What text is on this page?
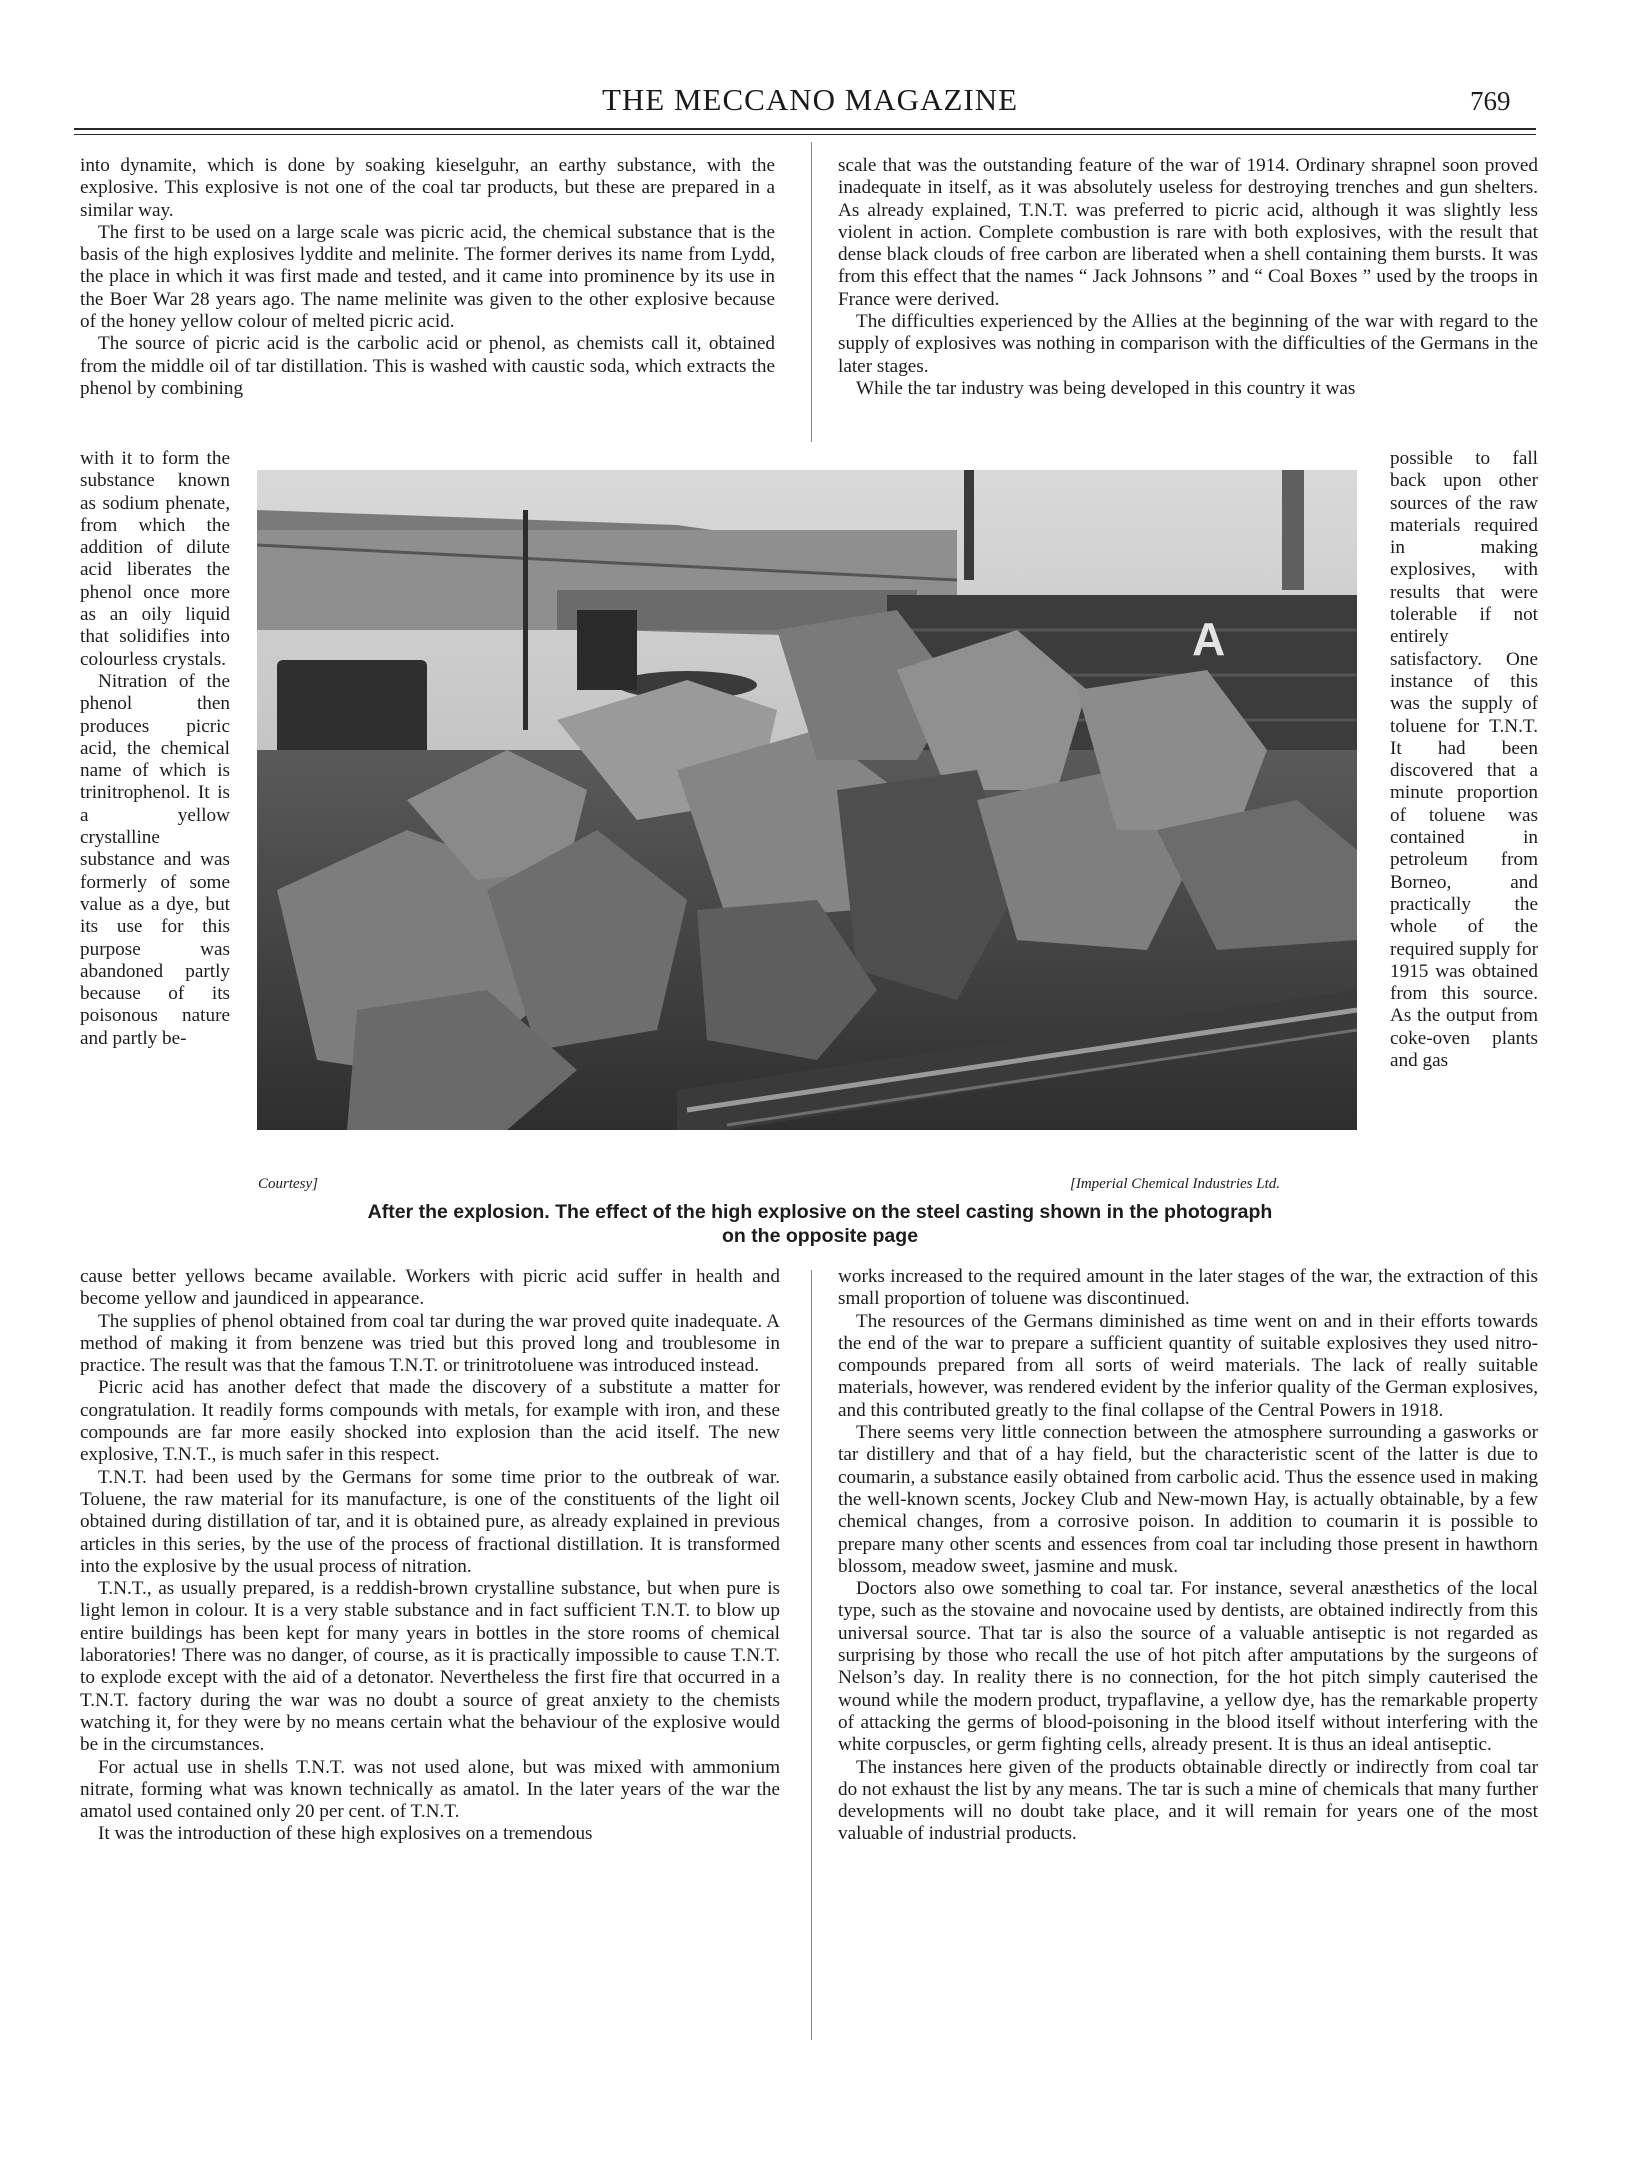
THE MECCANO MAGAZINE	769

into dynamite, which is done by soaking kieselguhr, an earthy substance, with the explosive. This explosive is not one of the coal tar products, but these are prepared in a similar way.

The first to be used on a large scale was picric acid, the chemical substance that is the basis of the high explosives lyddite and melinite. The former derives its name from Lydd, the place in which it was first made and tested, and it came into prominence by its use in the Boer War 28 years ago. The name melinite was given to the other explosive because of the honey yellow colour of melted picric acid.

The source of picric acid is the carbolic acid or phenol, as chemists call it, obtained from the middle oil of tar distillation. This is washed with caustic soda, which extracts the phenol by combining

with it to form the substance known as sodium phenate, from which the addition of dilute acid liberates the phenol once more as an oily liquid that solidifies into colourless crystals.

Nitration of the phenol then produces picric acid, the chemical name of which is trinitrophenol. It is a yellow crystalline substance and was formerly of some value as a dye, but its use for this purpose was abandoned partly because of its poisonous nature and partly be-

scale that was the outstanding feature of the war of 1914. Ordinary shrapnel soon proved inadequate in itself, as it was absolutely useless for destroying trenches and gun shelters. As already explained, T.N.T. was preferred to picric acid, although it was slightly less violent in action. Complete combustion is rare with both explosives, with the result that dense black clouds of free carbon are liberated when a shell containing them bursts. It was from this effect that the names “ Jack Johnsons ” and “ Coal Boxes ” used by the troops in France were derived.

The difficulties experienced by the Allies at the beginning of the war with regard to the supply of explosives was nothing in comparison with the difficulties of the Germans in the later stages.

While the tar industry was being developed in this country it was

possible to fall back upon other sources of the raw materials required in making explosives, with results that were tolerable if not entirely satisfactory. One instance of this was the supply of toluene for T.N.T. It had been discovered that a minute proportion of toluene was contained in petroleum from Borneo, and practically the whole of the required supply for 1915 was obtained from this source. As the output from coke-oven plants and gas

A
Courtesy]	[Imperial Chemical Industries Ltd.
After the explosion. The effect of the high explosive on the steel casting shown in the photograph
on the opposite page

cause better yellows became available. Workers with picric acid suffer in health and become yellow and jaundiced in appearance.

The supplies of phenol obtained from coal tar during the war proved quite inadequate. A method of making it from benzene was tried but this proved long and troublesome in practice. The result was that the famous T.N.T. or trinitrotoluene was introduced instead.

Picric acid has another defect that made the discovery of a substitute a matter for congratulation. It readily forms compounds with metals, for example with iron, and these compounds are far more easily shocked into explosion than the acid itself. The new explosive, T.N.T., is much safer in this respect.

T.N.T. had been used by the Germans for some time prior to the outbreak of war. Toluene, the raw material for its manufacture, is one of the constituents of the light oil obtained during distillation of tar, and it is obtained pure, as already explained in previous articles in this series, by the use of the process of fractional distillation. It is transformed into the explosive by the usual process of nitration.

T.N.T., as usually prepared, is a reddish-brown crystalline substance, but when pure is light lemon in colour. It is a very stable substance and in fact sufficient T.N.T. to blow up entire buildings has been kept for many years in bottles in the store rooms of chemical laboratories! There was no danger, of course, as it is practically impossible to cause T.N.T. to explode except with the aid of a detonator. Nevertheless the first fire that occurred in a T.N.T. factory during the war was no doubt a source of great anxiety to the chemists watching it, for they were by no means certain what the behaviour of the explosive would be in the circumstances.

For actual use in shells T.N.T. was not used alone, but was mixed with ammonium nitrate, forming what was known technically as amatol. In the later years of the war the amatol used contained only 20 per cent. of T.N.T.

It was the introduction of these high explosives on a tremendous

works increased to the required amount in the later stages of the war, the extraction of this small proportion of toluene was discontinued.

The resources of the Germans diminished as time went on and in their efforts towards the end of the war to prepare a sufficient quantity of suitable explosives they used nitro-compounds prepared from all sorts of weird materials. The lack of really suitable materials, however, was rendered evident by the inferior quality of the German explosives, and this contributed greatly to the final collapse of the Central Powers in 1918.

There seems very little connection between the atmosphere surrounding a gasworks or tar distillery and that of a hay field, but the characteristic scent of the latter is due to coumarin, a substance easily obtained from carbolic acid. Thus the essence used in making the well-known scents, Jockey Club and New-mown Hay, is actually obtainable, by a few chemical changes, from a corrosive poison. In addition to coumarin it is possible to prepare many other scents and essences from coal tar including those present in hawthorn blossom, meadow sweet, jasmine and musk.

Doctors also owe something to coal tar. For instance, several anæsthetics of the local type, such as the stovaine and novocaine used by dentists, are obtained indirectly from this universal source. That tar is also the source of a valuable antiseptic is not regarded as surprising by those who recall the use of hot pitch after amputations by the surgeons of Nelson’s day. In reality there is no connection, for the hot pitch simply cauterised the wound while the modern product, trypaflavine, a yellow dye, has the remarkable property of attacking the germs of blood-poisoning in the blood itself without interfering with the white corpuscles, or germ fighting cells, already present. It is thus an ideal antiseptic.

The instances here given of the products obtainable directly or indirectly from coal tar do not exhaust the list by any means. The tar is such a mine of chemicals that many further developments will no doubt take place, and it will remain for years one of the most valuable of industrial products.
